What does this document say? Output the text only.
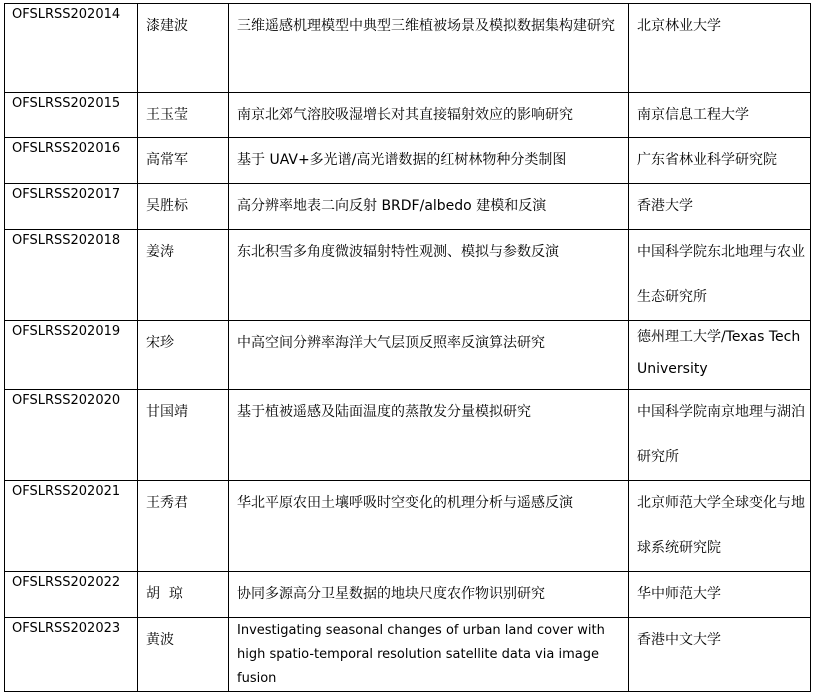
OFSLRSS202014	漆建波	三维遥感机理模型中典型三维植被场景及模拟数据集构建研究	北京林业大学
OFSLRSS202015	王玉莹	南京北郊气溶胶吸湿增长对其直接辐射效应的影响研究	南京信息工程大学
OFSLRSS202016	高常军	基于 UAV+多光谱/高光谱数据的红树林物种分类制图	广东省林业科学研究院
OFSLRSS202017	吴胜标	高分辨率地表二向反射 BRDF/albedo 建模和反演	香港大学
OFSLRSS202018	姜涛	东北积雪多角度微波辐射特性观测、模拟与参数反演	中国科学院东北地理与农业生态研究所
OFSLRSS202019	宋珍	中高空间分辨率海洋大气层顶反照率反演算法研究	德州理工大学/Texas Tech University
OFSLRSS202020	甘国靖	基于植被遥感及陆面温度的蒸散发分量模拟研究	中国科学院南京地理与湖泊研究所
OFSLRSS202021	王秀君	华北平原农田土壤呼吸时空变化的机理分析与遥感反演	北京师范大学全球变化与地球系统研究院
OFSLRSS202022	胡  琼	协同多源高分卫星数据的地块尺度农作物识别研究	华中师范大学
OFSLRSS202023	黄波	Investigating seasonal changes of urban land cover with high spatio-temporal resolution satellite data via image fusion	香港中文大学
